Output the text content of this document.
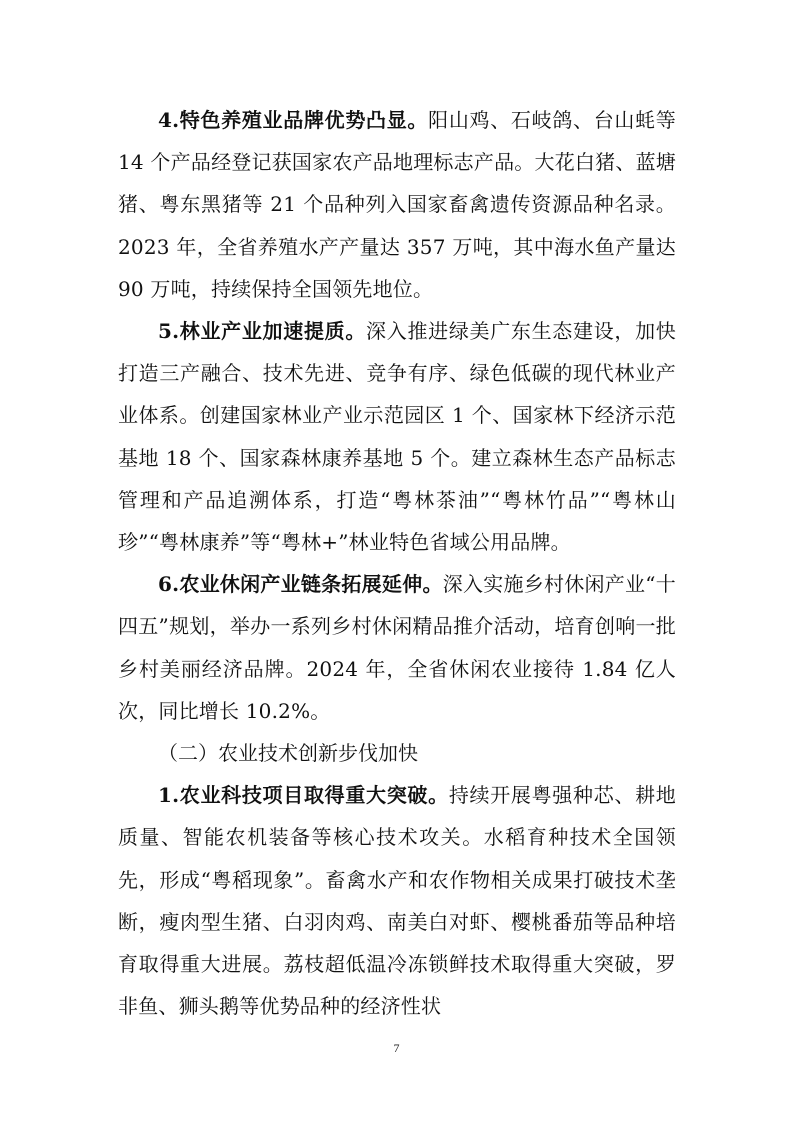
4.特色养殖业品牌优势凸显。阳山鸡、石岐鸽、台山蚝等 14 个产品经登记获国家农产品地理标志产品。大花白猪、蓝塘猪、粤东黑猪等 21 个品种列入国家畜禽遗传资源品种名录。2023 年，全省养殖水产产量达 357 万吨，其中海水鱼产量达 90 万吨，持续保持全国领先地位。

5.林业产业加速提质。深入推进绿美广东生态建设，加快打造三产融合、技术先进、竞争有序、绿色低碳的现代林业产业体系。创建国家林业产业示范园区 1 个、国家林下经济示范基地 18 个、国家森林康养基地 5 个。建立森林生态产品标志管理和产品追溯体系，打造“粤林茶油”“粤林竹品”“粤林山珍”“粤林康养”等“粤林+”林业特色省域公用品牌。

6.农业休闲产业链条拓展延伸。深入实施乡村休闲产业“十四五”规划，举办一系列乡村休闲精品推介活动，培育创响一批乡村美丽经济品牌。2024 年，全省休闲农业接待 1.84 亿人次，同比增长 10.2%。

（二）农业技术创新步伐加快

1.农业科技项目取得重大突破。持续开展粤强种芯、耕地质量、智能农机装备等核心技术攻关。水稻育种技术全国领先，形成“粤稻现象”。畜禽水产和农作物相关成果打破技术垄断，瘦肉型生猪、白羽肉鸡、南美白对虾、樱桃番茄等品种培育取得重大进展。荔枝超低温冷冻锁鲜技术取得重大突破，罗非鱼、狮头鹅等优势品种的经济性状

7
